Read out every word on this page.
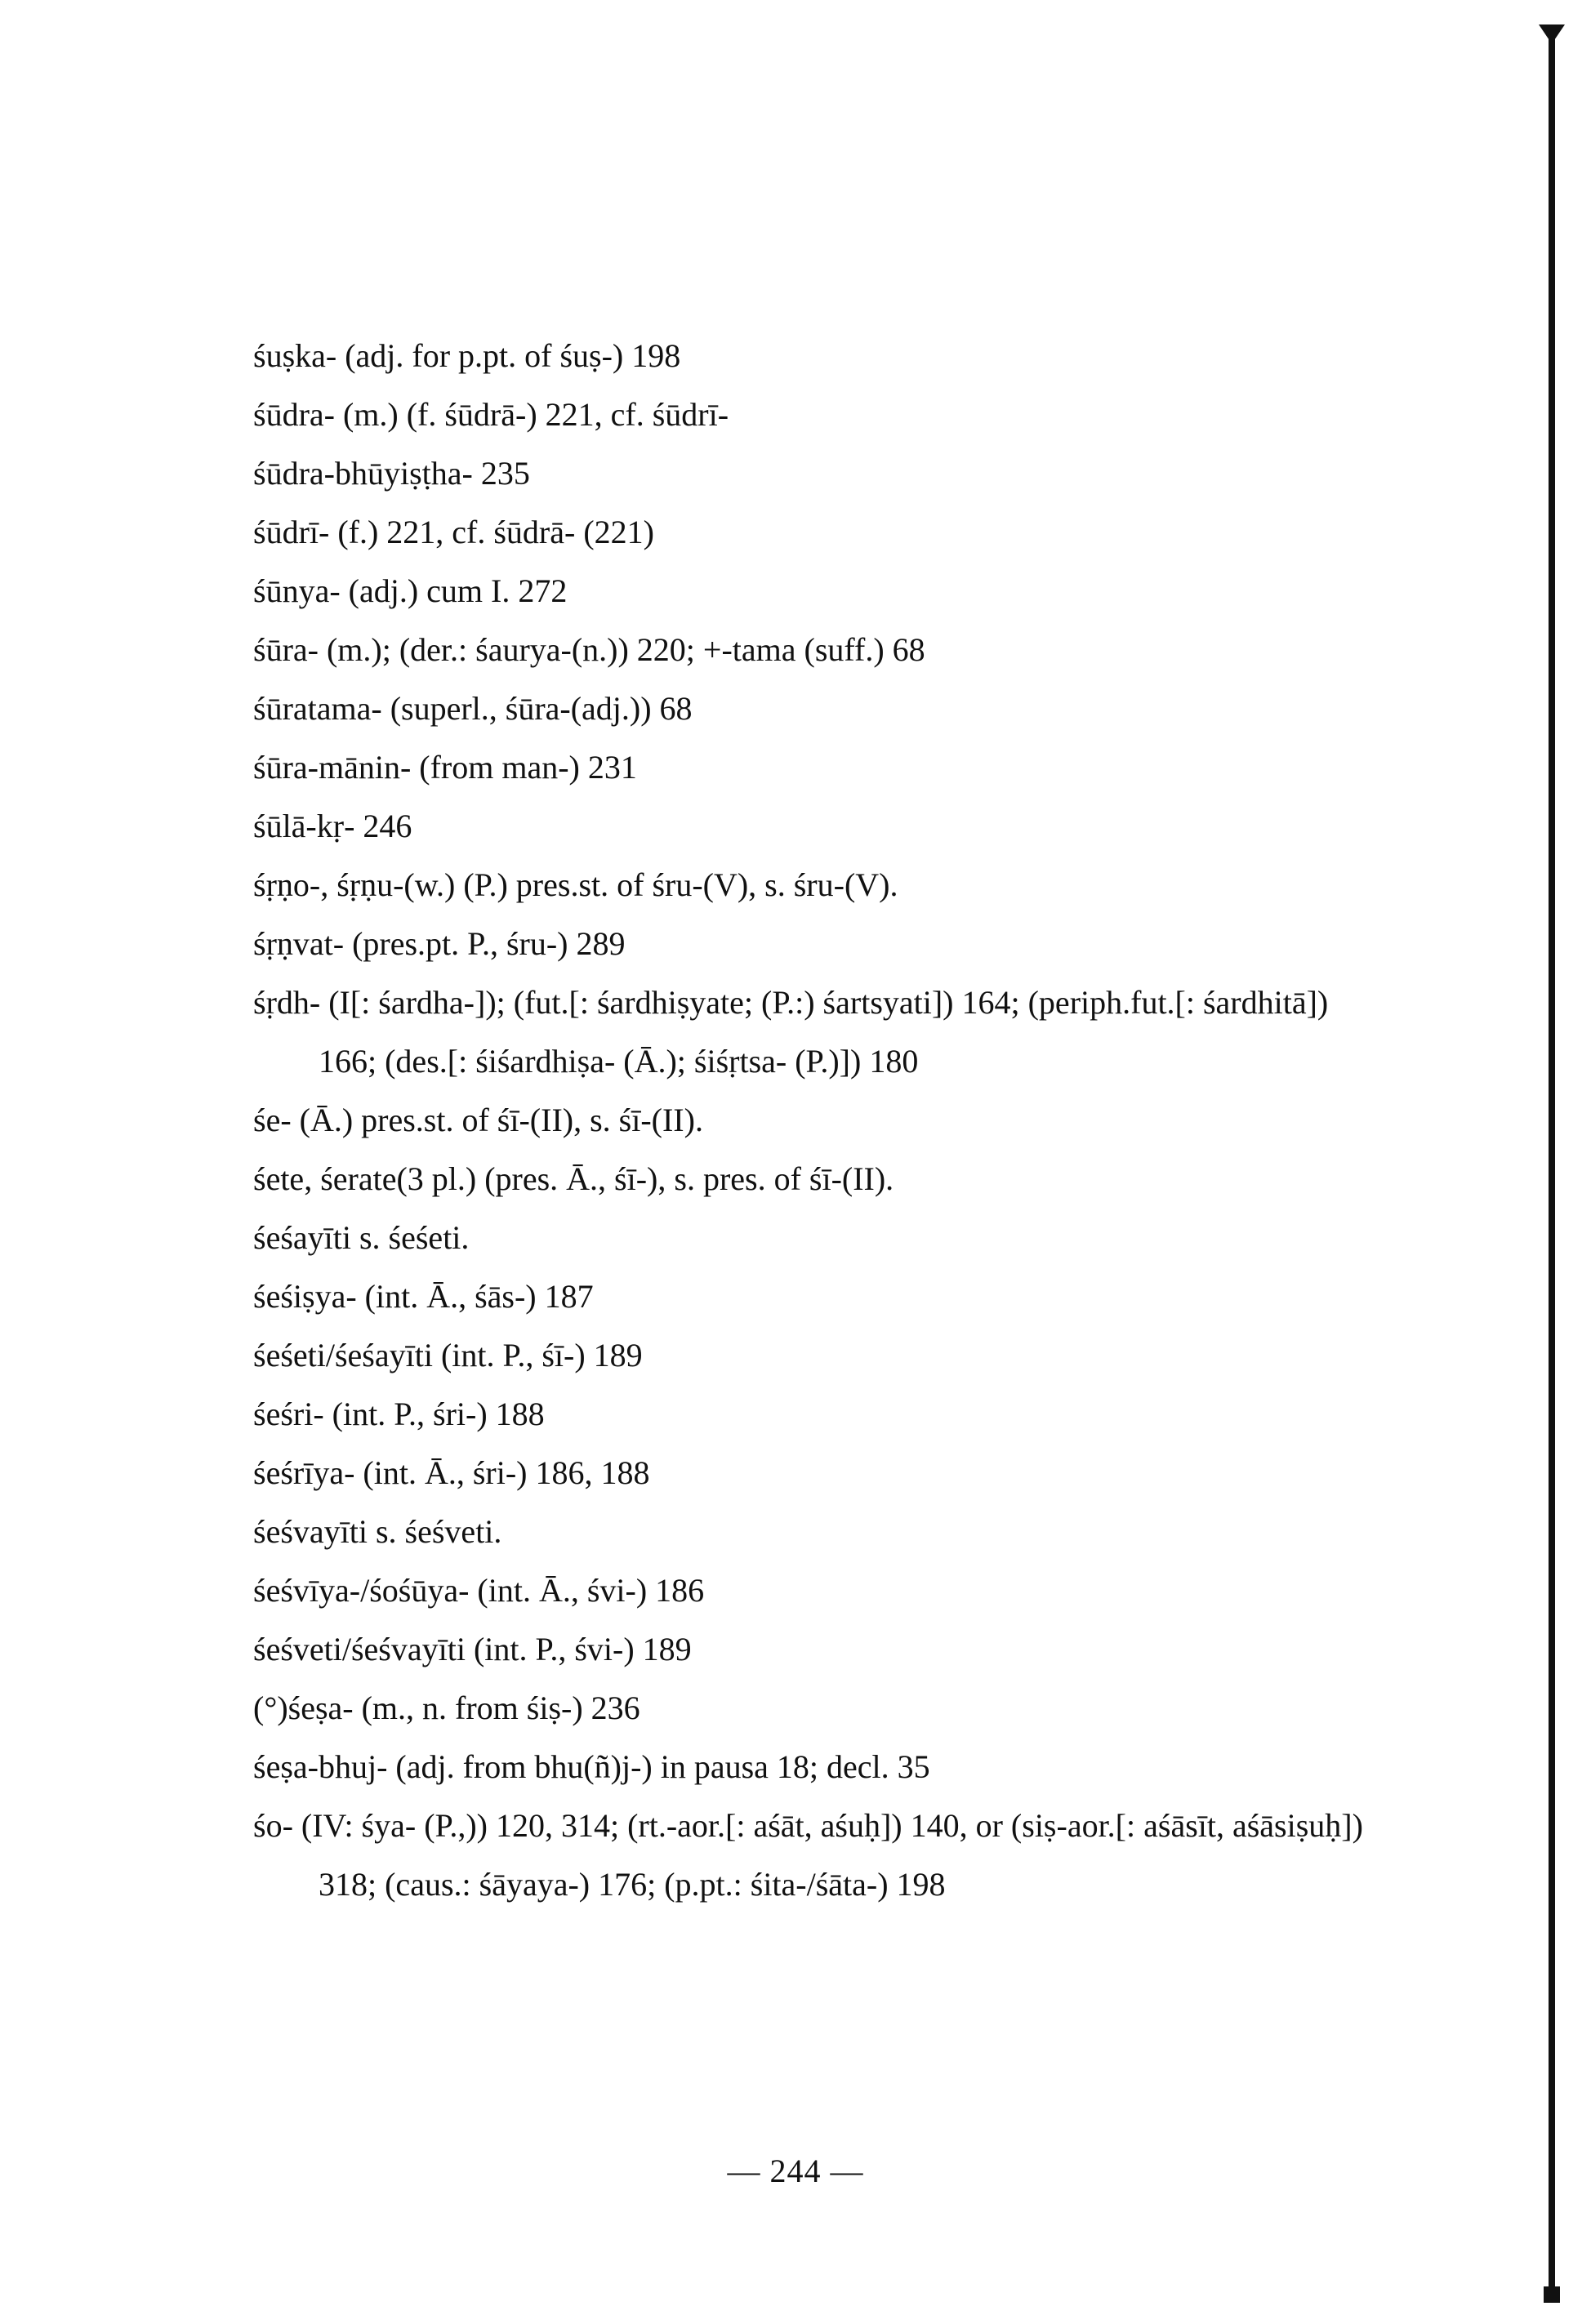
śuṣka- (adj. for p.pt. of śuṣ-) 198
śūdra- (m.) (f. śūdrā-) 221, cf. śūdrī-
śūdra-bhūyiṣṭha- 235
śūdrī- (f.) 221, cf. śūdrā- (221)
śūnya- (adj.) cum I. 272
śūra- (m.); (der.: śaurya-(n.)) 220; +-tama (suff.) 68
śūratama- (superl., śūra-(adj.)) 68
śūra-mānin- (from man-) 231
śūlā-kṛ- 246
śṛṇo-, śṛṇu-(w.) (P.) pres.st. of śru-(V), s. śru-(V).
śṛṇvat- (pres.pt. P., śru-) 289
śṛdh- (I[: śardha-]); (fut.[: śardhiṣyate; (P.:) śartsyati]) 164; (periph.fut.[: śardhitā]) 166; (des.[: śiśardhiṣa- (Ā.); śiśṛtsa- (P.)]) 180
śe- (Ā.) pres.st. of śī-(II), s. śī-(II).
śete, śerate(3 pl.) (pres. Ā., śī-), s. pres. of śī-(II).
śeśayīti s. śeśeti.
śeśiṣya- (int. Ā., śās-) 187
śeśeti/śeśayīti (int. P., śī-) 189
śeśri- (int. P., śri-) 188
śeśrīya- (int. Ā., śri-) 186, 188
śeśvayīti s. śeśveti.
śeśvīya-/śośūya- (int. Ā., śvi-) 186
śeśveti/śeśvayīti (int. P., śvi-) 189
(°)śeṣa- (m., n. from śiṣ-) 236
śeṣa-bhuj- (adj. from bhu(ñ)j-) in pausa 18; decl. 35
śo- (IV: śya- (P.,)) 120, 314; (rt.-aor.[: aśāt, aśuḥ]) 140, or (siṣ-aor.[: aśāsīt, aśāsiṣuḥ]) 318; (caus.: śāyaya-) 176; (p.pt.: śita-/śāta-) 198
— 244 —
